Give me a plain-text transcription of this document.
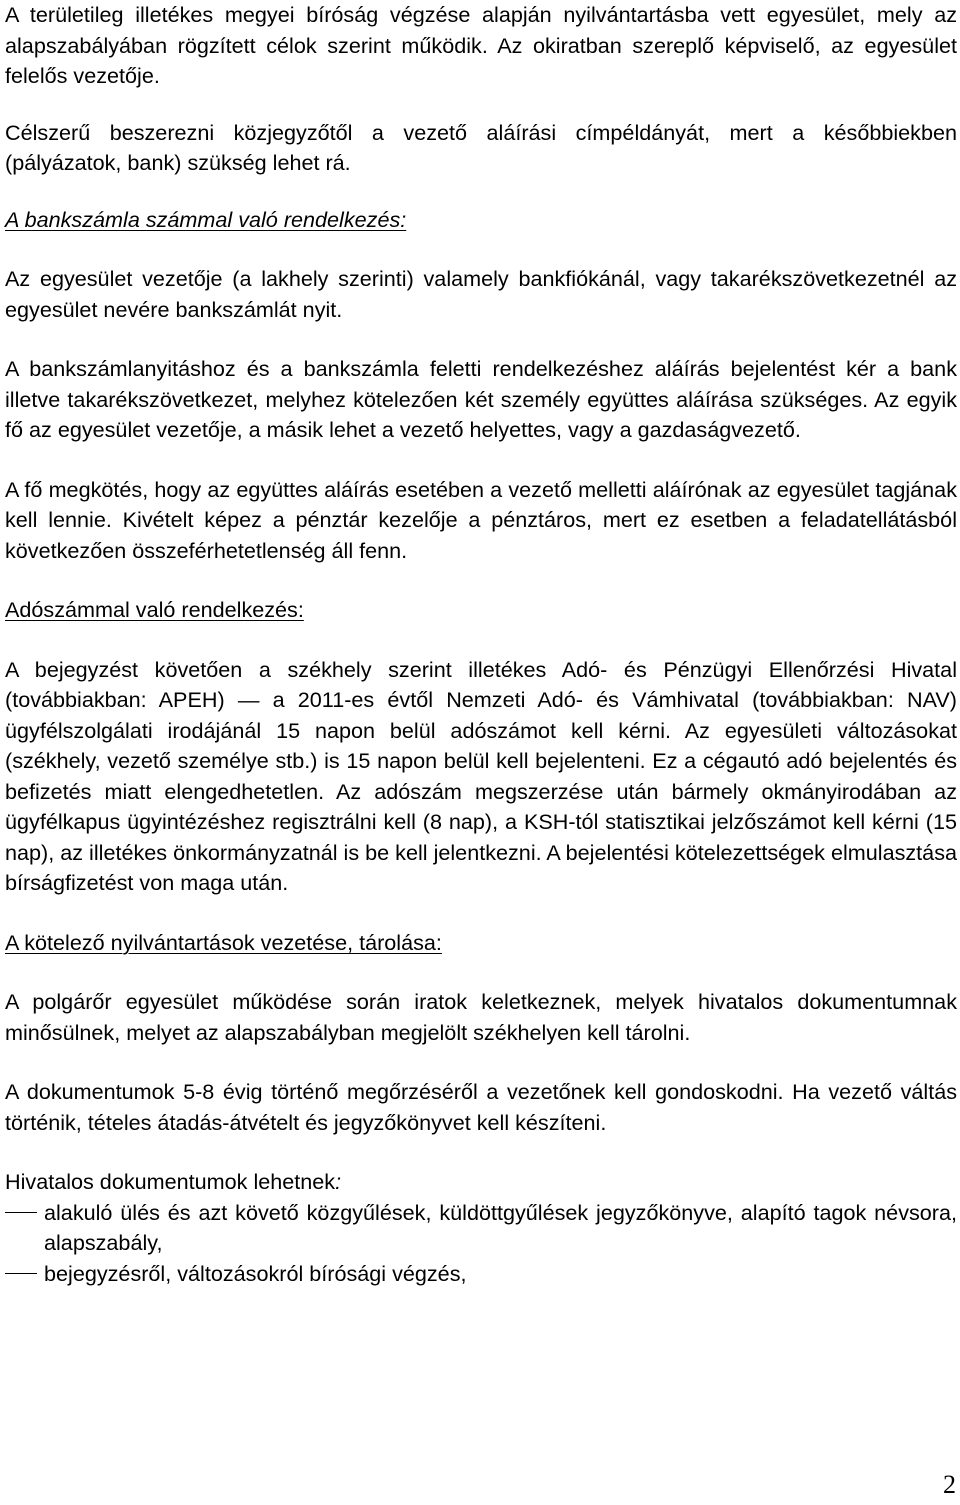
A területileg illetékes megyei bíróság végzése alapján nyilvántartásba vett egyesület, mely az alapszabályában rögzített célok szerint működik. Az okiratban szereplő képviselő, az egyesület felelős vezetője.

Célszerű beszerezni közjegyzőtől a vezető aláírási címpéldányát, mert a későbbiekben (pályázatok, bank) szükség lehet rá.

A bankszámla számmal való rendelkezés:

Az egyesület vezetője (a lakhely szerinti) valamely bankfiókánál, vagy takarékszövetkezetnél az egyesület nevére bankszámlát nyit.

A bankszámlanyitáshoz és a bankszámla feletti rendelkezéshez aláírás bejelentést kér a bank illetve takarékszövetkezet, melyhez kötelezően két személy együttes aláírása szükséges. Az egyik fő az egyesület vezetője, a másik lehet a vezető helyettes, vagy a gazdaságvezető.

A fő megkötés, hogy az együttes aláírás esetében a vezető melletti aláírónak az egyesület tagjának kell lennie. Kivételt képez a pénztár kezelője a pénztáros, mert ez esetben a feladatellátásból következően összeférhetetlenség áll fenn.

Adószámmal való rendelkezés:

A bejegyzést követően a székhely szerint illetékes Adó- és Pénzügyi Ellenőrzési Hivatal (továbbiakban: APEH) — a 2011-es évtől Nemzeti Adó- és Vámhivatal (továbbiakban: NAV) ügyfélszolgálati irodájánál 15 napon belül adószámot kell kérni. Az egyesületi változásokat (székhely, vezető személye stb.) is 15 napon belül kell bejelenteni. Ez a cégautó adó bejelentés és befizetés miatt elengedhetetlen. Az adószám megszerzése után bármely okmányirodában az ügyfélkapus ügyintézéshez regisztrálni kell (8 nap), a KSH-tól statisztikai jelzőszámot kell kérni (15 nap), az illetékes önkormányzatnál is be kell jelentkezni. A bejelentési kötelezettségek elmulasztása bírságfizetést von maga után.

A kötelező nyilvántartások vezetése, tárolása:

A polgárőr egyesület működése során iratok keletkeznek, melyek hivatalos dokumentumnak minősülnek, melyet az alapszabályban megjelölt székhelyen kell tárolni.

A dokumentumok 5-8 évig történő megőrzéséről a vezetőnek kell gondoskodni. Ha vezető váltás történik, tételes átadás-átvételt és jegyzőkönyvet kell készíteni.

Hivatalos dokumentumok lehetnek:

alakuló ülés és azt követő közgyűlések, küldöttgyűlések jegyzőkönyve, alapító tagok névsora, alapszabály,
bejegyzésről, változásokról bírósági végzés,
2
